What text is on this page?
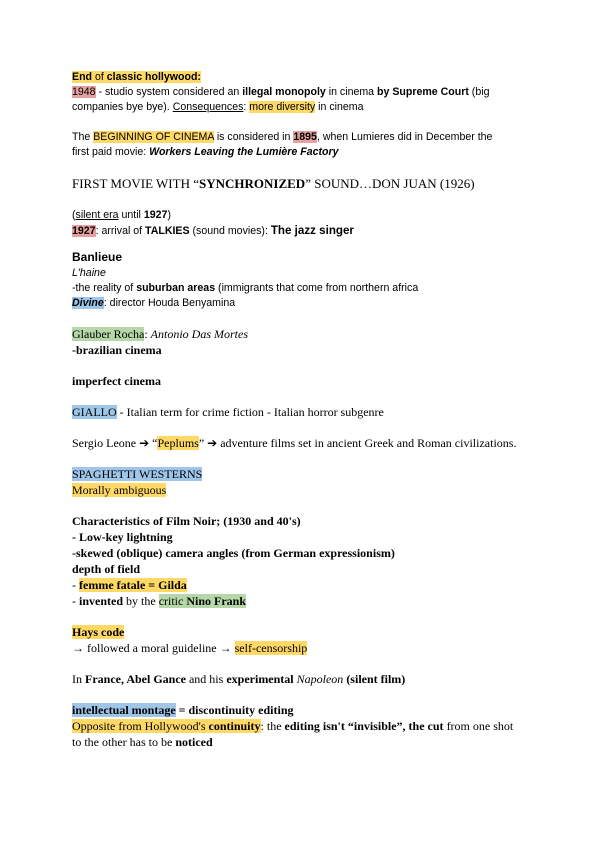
End of classic hollywood:

1948 - studio system considered an illegal monopoly in cinema by Supreme Court (big

companies bye bye). Consequences: more diversity in cinema

The BEGINNING OF CINEMA is considered in 1895, when Lumieres did in December the

first paid movie: Workers Leaving the Lumière Factory

FIRST MOVIE WITH “SYNCHRONIZED” SOUND…DON JUAN (1926)

(silent era until 1927)

1927: arrival of TALKIES (sound movies): The jazz singer

Banlieue

L'haine

-the reality of suburban areas (immigrants that come from northern africa

Divine: director Houda Benyamina

Glauber Rocha: Antonio Das Mortes

-brazilian cinema

imperfect cinema

GIALLO - Italian term for crime fiction - Italian horror subgenre

Sergio Leone ➔ “Peplums” ➔ adventure films set in ancient Greek and Roman civilizations.

SPAGHETTI WESTERNS

Morally ambiguous

Characteristics of Film Noir; (1930 and 40's)

- Low-key lightning

-skewed (oblique) camera angles (from German expressionism)

depth of field

- femme fatale = Gilda

- invented by the critic Nino Frank

Hays code

→ followed a moral guideline → self-censorship

In France, Abel Gance and his experimental Napoleon (silent film)

intellectual montage = discontinuity editing

Opposite from Hollywood's continuity: the editing isn't “invisible”, the cut from one shot

to the other has to be noticed
